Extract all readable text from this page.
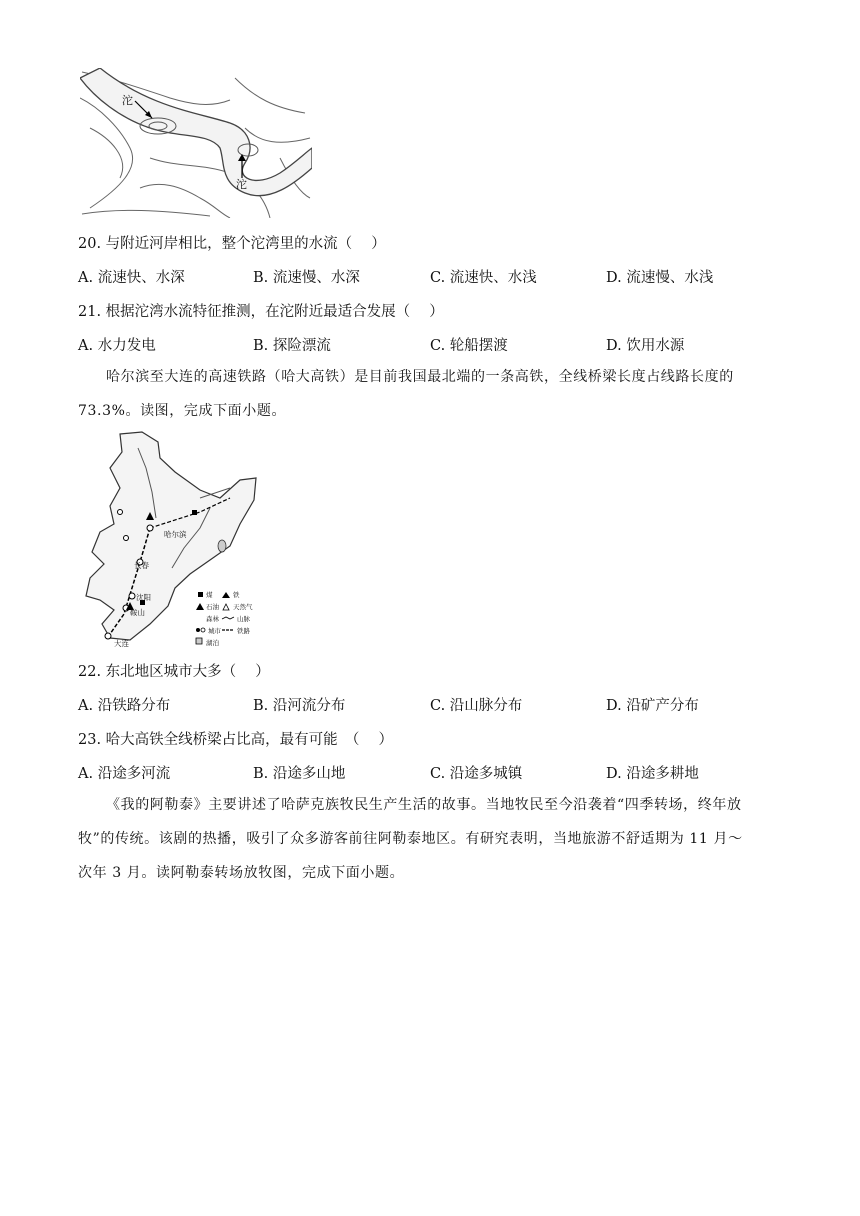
沱
沱
20. 与附近河岸相比，整个沱湾里的水流（　 ）
A. 流速快、水深	B. 流速慢、水深	C. 流速快、水浅	D. 流速慢、水浅
21. 根据沱湾水流特征推测，在沱附近最适合发展（　 ）
A. 水力发电	B. 探险漂流	C. 轮船摆渡	D. 饮用水源
哈尔滨至大连的高速铁路（哈大高铁）是目前我国最北端的一条高铁，全线桥梁长度占线路长度的
73.3%。读图，完成下面小题。
哈尔滨
长春
沈阳
鞍山
大连
煤	铁
石油 天然气
森林	山脉
城市 铁路
湖泊
22. 东北地区城市大多（　 ）
A. 沿铁路分布	B. 沿河流分布	C. 沿山脉分布	D. 沿矿产分布
23. 哈大高铁全线桥梁占比高，最有可能　（　 ）
A. 沿途多河流	B. 沿途多山地	C. 沿途多城镇	D. 沿途多耕地
《我的阿勒泰》主要讲述了哈萨克族牧民生产生活的故事。当地牧民至今沿袭着“四季转场，终年放
牧”的传统。该剧的热播，吸引了众多游客前往阿勒泰地区。有研究表明，当地旅游不舒适期为 11 月～
次年 3 月。读阿勒泰转场放牧图，完成下面小题。
